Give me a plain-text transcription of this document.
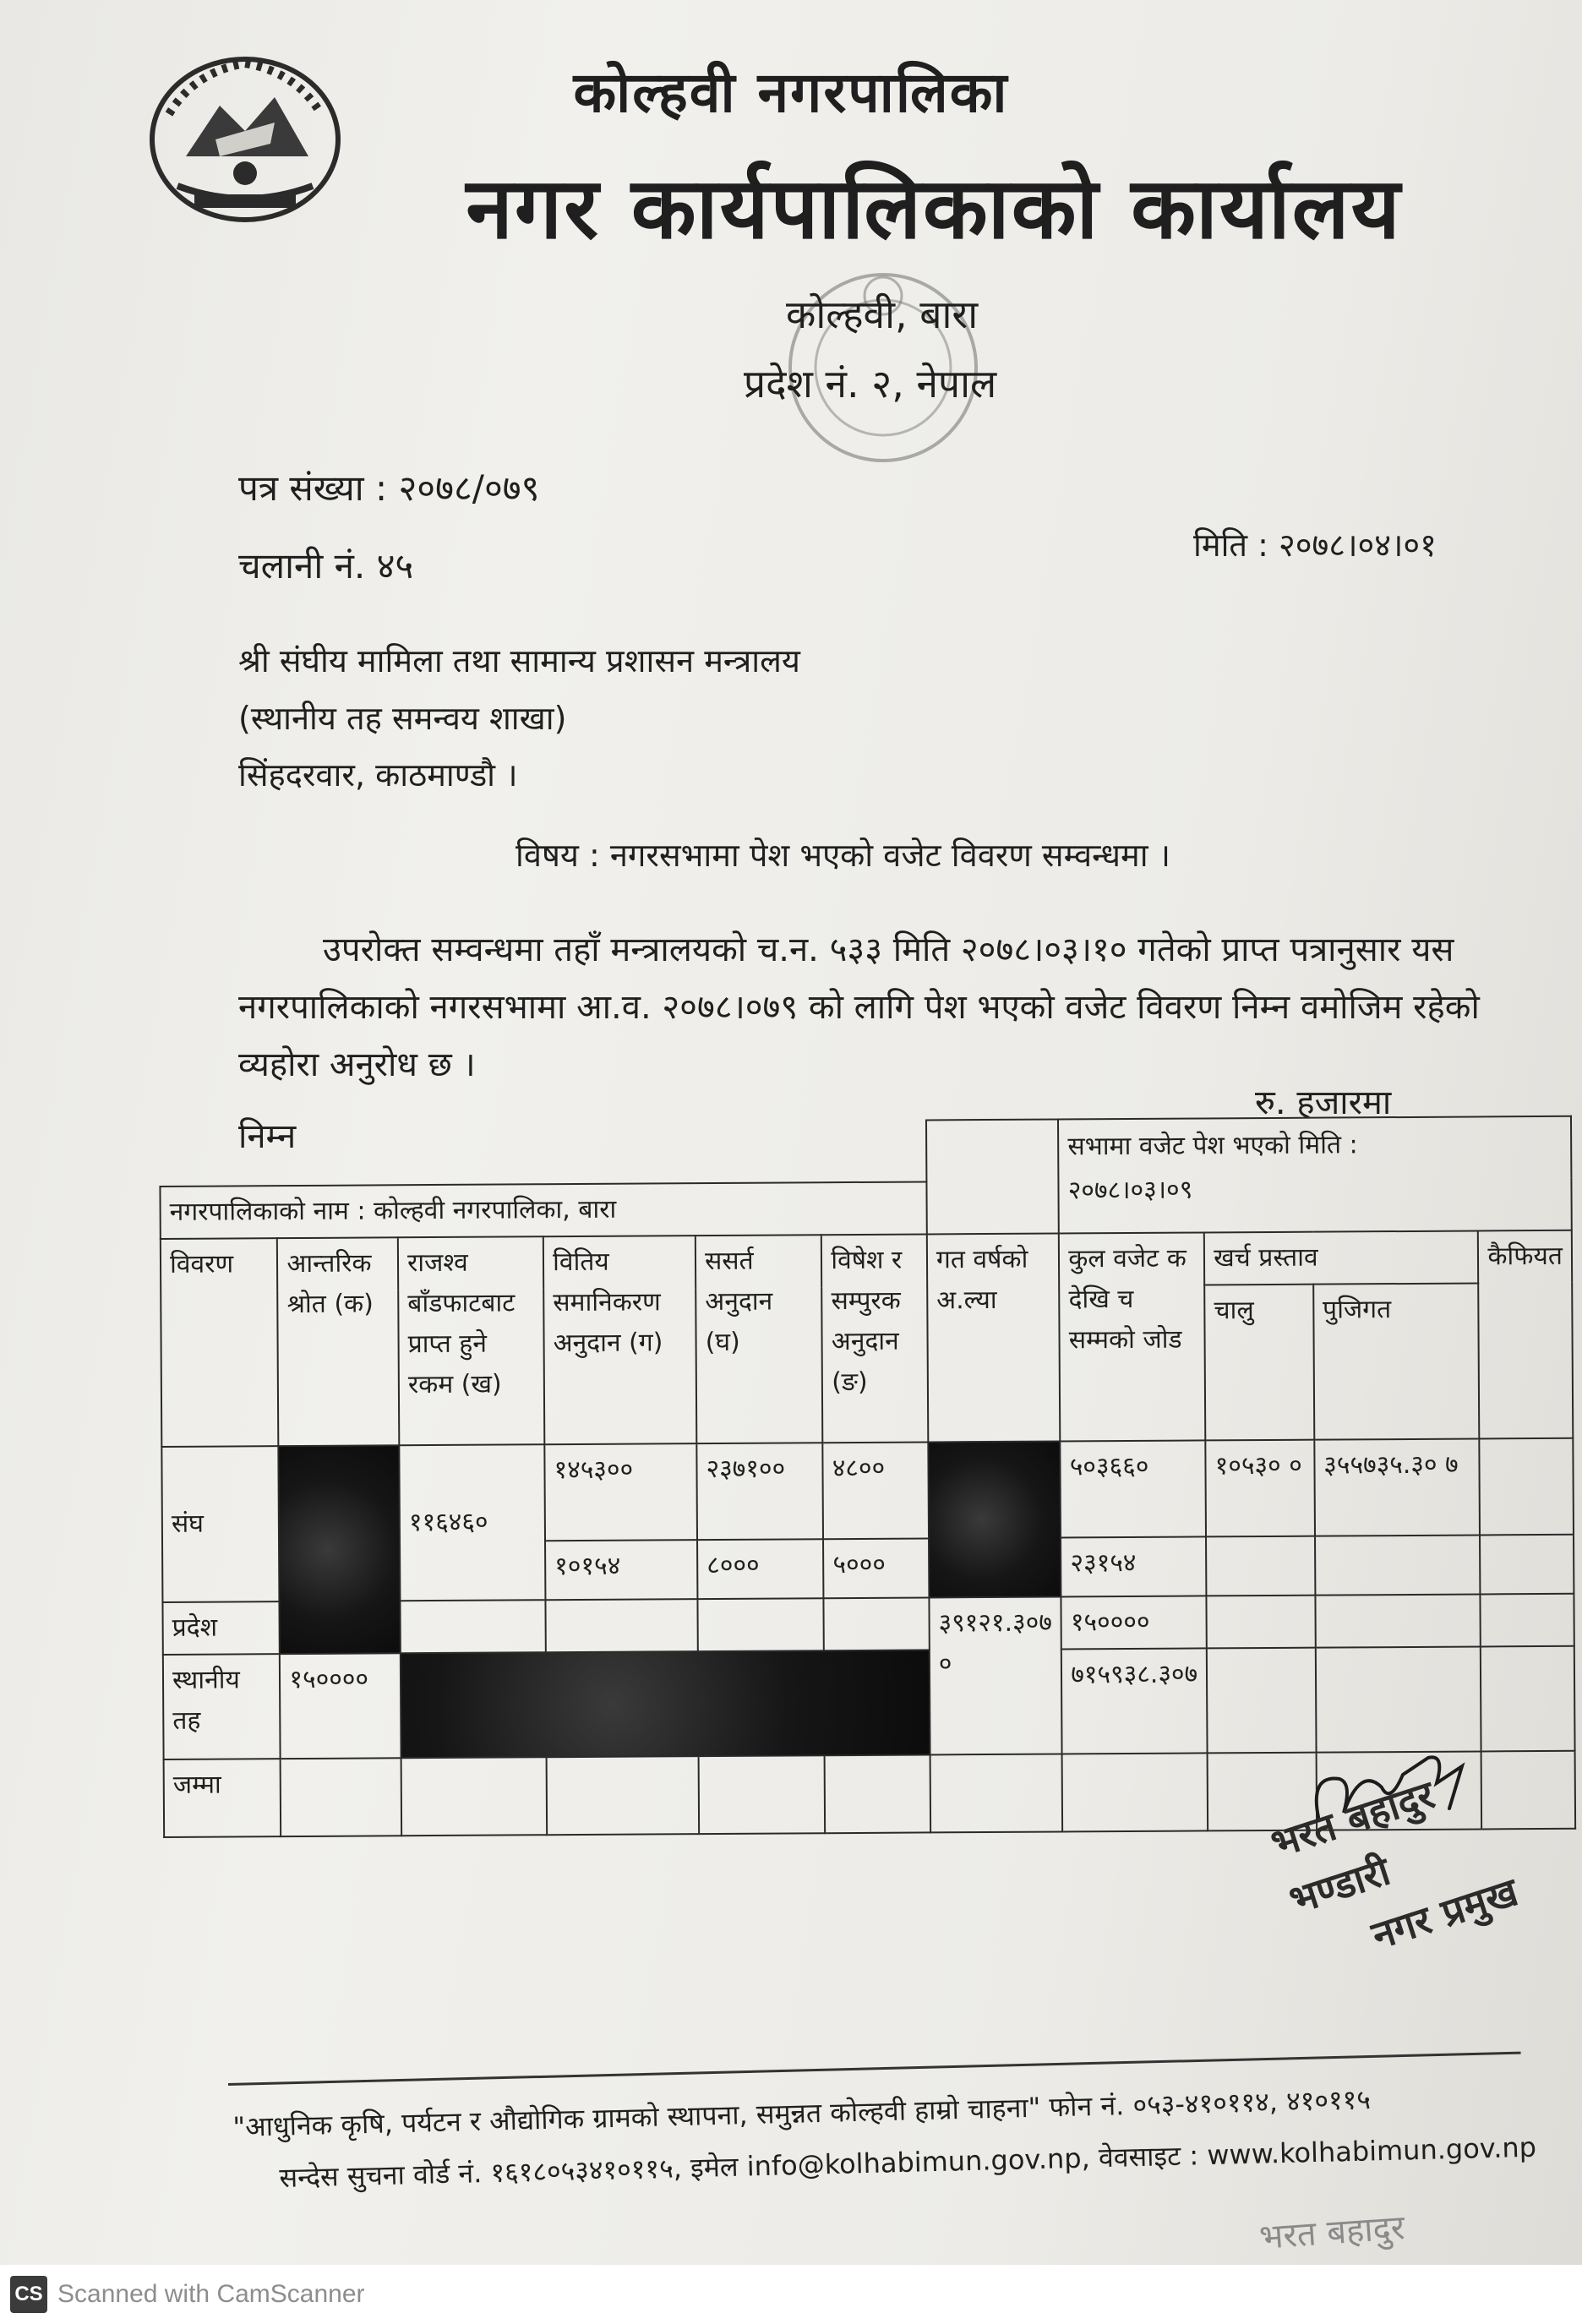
कोल्हवी नगरपालिका
नगर कार्यपालिकाको कार्यालय
कोल्हवी, बारा
प्रदेश नं. २, नेपाल
पत्र संख्या : २०७८/०७९
चलानी नं. ४५	मिति : २०७८।०४।०१
श्री संघीय मामिला तथा सामान्य प्रशासन मन्त्रालय
(स्थानीय तह समन्वय शाखा)
सिंहदरवार, काठमाण्डौ ।
विषय : नगरसभामा पेश भएको वजेट विवरण सम्वन्धमा ।
उपरोक्त सम्वन्धमा तहाँ मन्त्रालयको च.न. ५३३ मिति २०७८।०३।१० गतेको प्राप्त पत्रानुसार यस नगरपालिकाको नगरसभामा आ.व. २०७८।०७९ को लागि पेश भएको वजेट विवरण निम्न वमोजिम रहेको व्यहोरा अनुरोध छ ।
रु. हजारमा
निम्न

							सभामा वजेट पेश भएको मिति :
२०७८।०३।०९			

नगरपालिकाको नाम : कोल्हवी नगरपालिका, बारा										
विवरण	आन्तरिक श्रोत (क)	राजश्व बाँडफाटबाट प्राप्त हुने रकम (ख)	वितिय समानिकरण अनुदान (ग)	ससर्त अनुदान (घ)	विषेश र सम्पुरक अनुदान (ङ)	गत वर्षको अ.ल्या	कुल वजेट क देखि च सम्मको जोड	खर्च प्रस्ताव		कैफियत
								चालु	पुजिगत	
संघ		११६४६०	१४५३००	२३७१००	४८००		५०३६६०	१०५३० ०	३५५७३५.३० ७	
			१०१५४	८०००	५०००		२३१५४			
प्रदेश						३९१२१.३०७ ०	१५००००			
स्थानीय तह	१५००००						७१५९३८.३०७			
जम्मा											भरत बहादुर भण्डारी
नगर प्रमुख
"आधुनिक कृषि, पर्यटन र औद्योगिक ग्रामको स्थापना, समुन्नत कोल्हवी हाम्रो चाहना" फोन नं. ०५३-४१०११४, ४१०११५
सन्देस सुचना वोर्ड नं. १६१८०५३४१०११५, इमेल info@kolhabimun.gov.np, वेवसाइट : www.kolhabimun.gov.np
भरत बहादुर
CS Scanned with CamScanner
